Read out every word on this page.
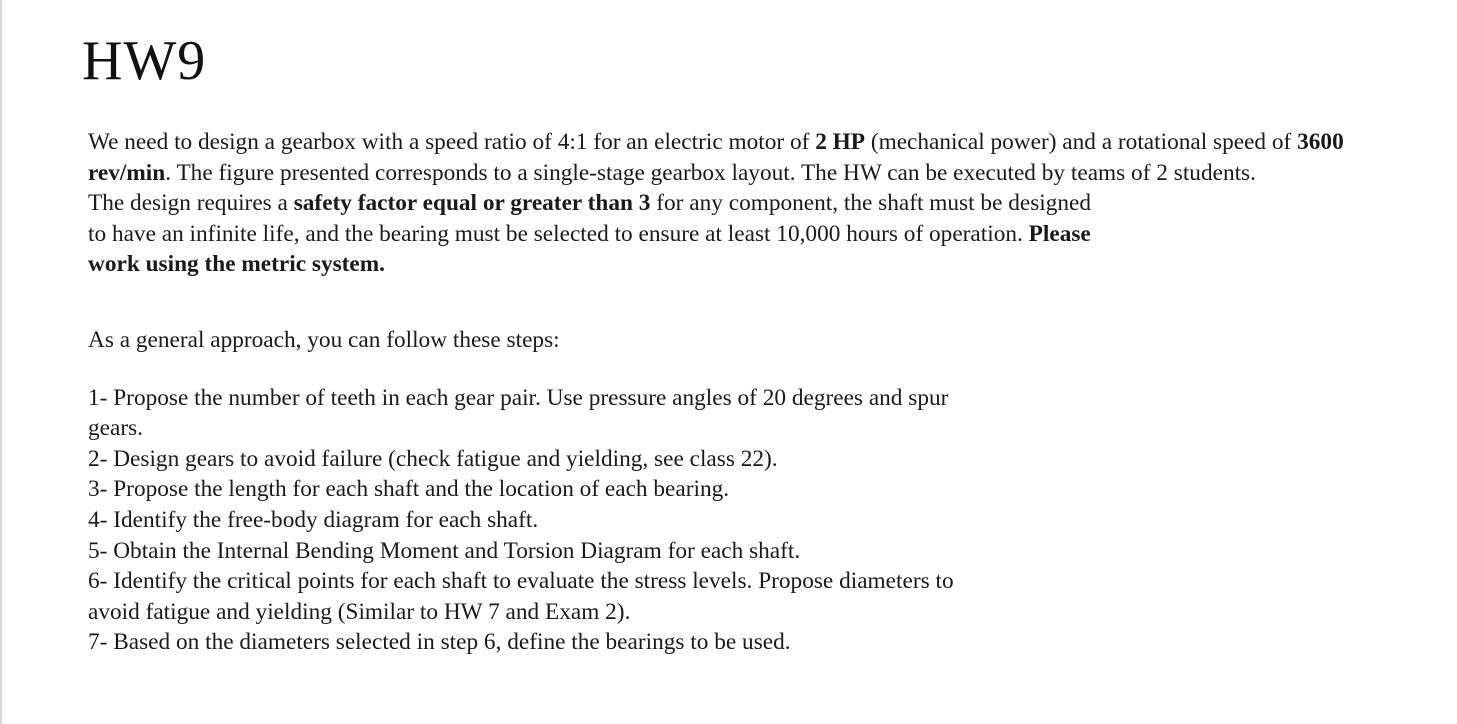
HW9

We need to design a gearbox with a speed ratio of 4:1 for an electric motor of 2 HP (mechanical power) and a rotational speed of 3600 rev/min. The figure presented corresponds to a single-stage gearbox layout. The HW can be executed by teams of 2 students.

The design requires a safety factor equal or greater than 3 for any component, the shaft must be designed to have an infinite life, and the bearing must be selected to ensure at least 10,000 hours of operation. Please work using the metric system.

As a general approach, you can follow these steps:

1- Propose the number of teeth in each gear pair. Use pressure angles of 20 degrees and spur gears.

2- Design gears to avoid failure (check fatigue and yielding, see class 22).

3- Propose the length for each shaft and the location of each bearing.

4- Identify the free-body diagram for each shaft.

5- Obtain the Internal Bending Moment and Torsion Diagram for each shaft.

6- Identify the critical points for each shaft to evaluate the stress levels. Propose diameters to avoid fatigue and yielding (Similar to HW 7 and Exam 2).

7- Based on the diameters selected in step 6, define the bearings to be used.
